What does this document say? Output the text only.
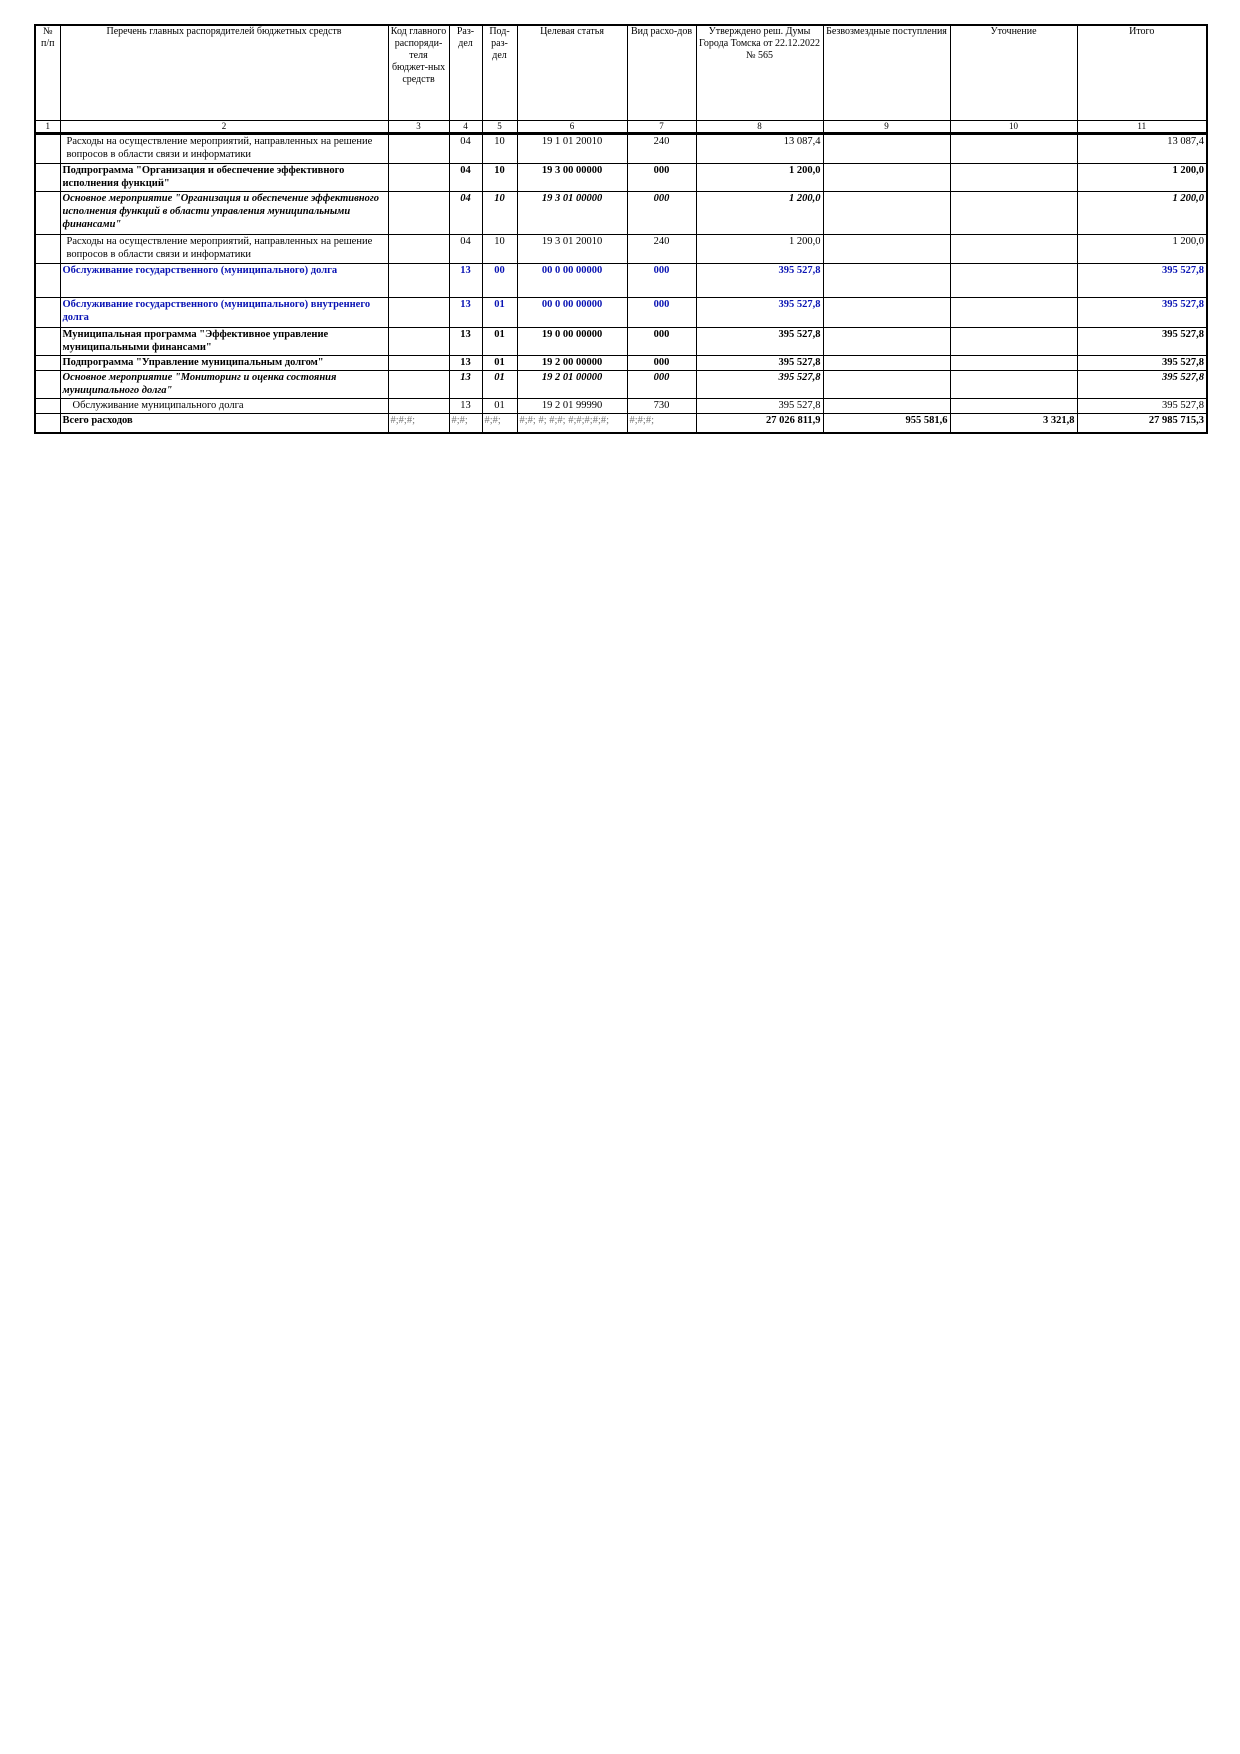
№ п/п	Перечень главных распорядителей бюджетных средств	Код главного распоряди-теля бюджет-ных средств	Раз-дел	Под-раз-дел	Целевая статья	Вид расхо-дов	Утверждено реш. Думы Города Томска от 22.12.2022 № 565	Безвозмездные поступления	Уточнение	Итого
1	2	3	4	5	6	7	8	9	10	11
	Расходы на осуществление мероприятий, направленных на решение вопросов в области связи и информатики		04	10	19 1 01 20010	240	13 087,4			13 087,4
	Подпрограмма "Организация и обеспечение эффективного исполнения функций"		04	10	19 3 00 00000	000	1 200,0			1 200,0
	Основное мероприятие "Организация и обеспечение эффективного исполнения функций в области управления муниципальными финансами"		04	10	19 3 01 00000	000	1 200,0			1 200,0
	Расходы на осуществление мероприятий, направленных на решение вопросов в области связи и информатики		04	10	19 3 01 20010	240	1 200,0			1 200,0
	Обслуживание государственного (муниципального) долга		13	00	00 0 00 00000	000	395 527,8			395 527,8
	Обслуживание государственного (муниципального) внутреннего долга		13	01	00 0 00 00000	000	395 527,8			395 527,8
	Муниципальная программа "Эффективное управление муниципальными финансами"		13	01	19 0 00 00000	000	395 527,8			395 527,8
	Подпрограмма "Управление муниципальным долгом"		13	01	19 2 00 00000	000	395 527,8			395 527,8
	Основное мероприятие "Мониторинг и оценка состояния муниципального долга"		13	01	19 2 01 00000	000	395 527,8			395 527,8
	Обслуживание муниципального долга		13	01	19 2 01 99990	730	395 527,8			395 527,8
	Всего расходов	#;#;#;	#;#;	#;#;	#;#; #; #;#; #;#;#;#;#;	#;#;#;	27 026 811,9	955 581,6	3 321,8	27 985 715,3
